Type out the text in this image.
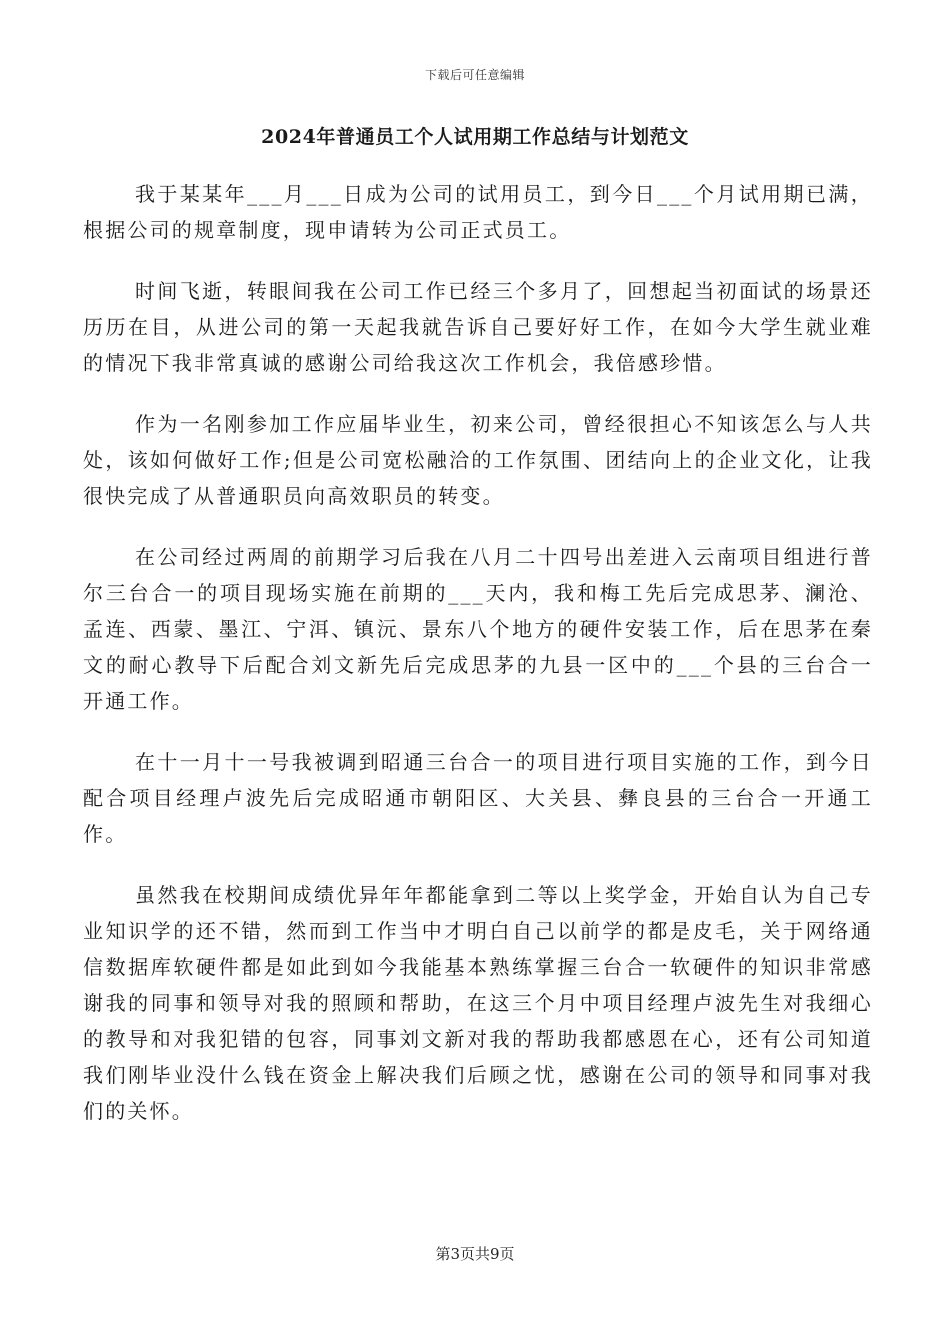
下载后可任意编辑
2024年普通员工个人试用期工作总结与计划范文

我于某某年___月___日成为公司的试用员工，到今日___个月试用期已满，根据公司的规章制度，现申请转为公司正式员工。

时间飞逝，转眼间我在公司工作已经三个多月了，回想起当初面试的场景还历历在目，从进公司的第一天起我就告诉自己要好好工作，在如今大学生就业难的情况下我非常真诚的感谢公司给我这次工作机会，我倍感珍惜。

作为一名刚参加工作应届毕业生，初来公司，曾经很担心不知该怎么与人共处，该如何做好工作;但是公司宽松融洽的工作氛围、团结向上的企业文化，让我很快完成了从普通职员向高效职员的转变。

在公司经过两周的前期学习后我在八月二十四号出差进入云南项目组进行普尔三台合一的项目现场实施在前期的___天内，我和梅工先后完成思茅、澜沧、孟连、西蒙、墨江、宁洱、镇沅、景东八个地方的硬件安装工作，后在思茅在秦文的耐心教导下后配合刘文新先后完成思茅的九县一区中的___个县的三台合一开通工作。

在十一月十一号我被调到昭通三台合一的项目进行项目实施的工作，到今日配合项目经理卢波先后完成昭通市朝阳区、大关县、彝良县的三台合一开通工作。

虽然我在校期间成绩优异年年都能拿到二等以上奖学金，开始自认为自己专业知识学的还不错，然而到工作当中才明白自己以前学的都是皮毛，关于网络通信数据库软硬件都是如此到如今我能基本熟练掌握三台合一软硬件的知识非常感谢我的同事和领导对我的照顾和帮助，在这三个月中项目经理卢波先生对我细心的教导和对我犯错的包容，同事刘文新对我的帮助我都感恩在心，还有公司知道我们刚毕业没什么钱在资金上解决我们后顾之忧，感谢在公司的领导和同事对我们的关怀。

第3页共9页
